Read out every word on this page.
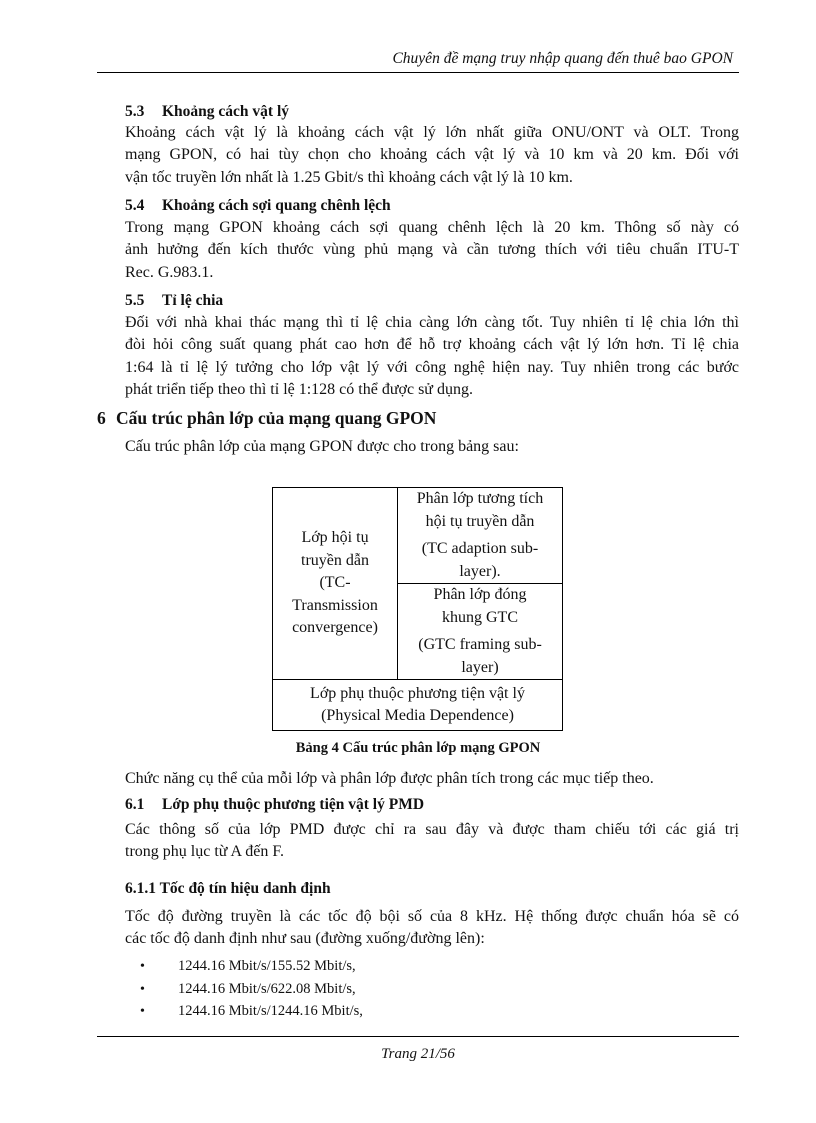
Chuyên đề mạng truy nhập quang đến thuê bao GPON
5.3 Khoảng cách vật lý
Khoảng cách vật lý là khoảng cách vật lý lớn nhất giữa ONU/ONT và OLT. Trong
mạng GPON, có hai tùy chọn cho khoảng cách vật lý và 10 km và 20 km. Đối với
vận tốc truyền lớn nhất là 1.25 Gbit/s thì khoảng cách vật lý là 10 km.
5.4 Khoảng cách sợi quang chênh lệch
Trong mạng GPON khoảng cách sợi quang chênh lệch là 20 km. Thông số này có
ảnh hưởng đến kích thước vùng phủ mạng và cần tương thích với tiêu chuẩn ITU-T
Rec. G.983.1.
5.5 Tỉ lệ chia
Đối với nhà khai thác mạng thì tỉ lệ chia càng lớn càng tốt. Tuy nhiên tỉ lệ chia lớn thì
đòi hỏi công suất quang phát cao hơn để hỗ trợ khoảng cách vật lý lớn hơn. Tỉ lệ chia
1:64 là tỉ lệ lý tưởng cho lớp vật lý với công nghệ hiện nay. Tuy nhiên trong các bước
phát triển tiếp theo thì tỉ lệ 1:128 có thể được sử dụng.
6 Cấu trúc phân lớp của mạng quang GPON
Cấu trúc phân lớp của mạng GPON được cho trong bảng sau:
Lớp hội tụ
truyền dẫn
(TC-
Transmission
convergence)

Phân lớp tương tích
hội tụ truyền dẫn
(TC adaption sub-
layer).

Phân lớp đóng
khung GTC
(GTC framing sub-
layer)

Lớp phụ thuộc phương tiện vật lý
(Physical Media Dependence)
Bảng 4 Cấu trúc phân lớp mạng GPON
Chức năng cụ thể của mỗi lớp và phân lớp được phân tích trong các mục tiếp theo.
6.1 Lớp phụ thuộc phương tiện vật lý PMD
Các thông số của lớp PMD được chỉ ra sau đây và được tham chiếu tới các giá trị
trong phụ lục từ A đến F.
6.1.1 Tốc độ tín hiệu danh định
Tốc độ đường truyền là các tốc độ bội số của 8 kHz. Hệ thống được chuẩn hóa sẽ có
các tốc độ danh định như sau (đường xuống/đường lên):
• 1244.16 Mbit/s/155.52 Mbit/s,
• 1244.16 Mbit/s/622.08 Mbit/s,
• 1244.16 Mbit/s/1244.16 Mbit/s,
Trang 21/56
